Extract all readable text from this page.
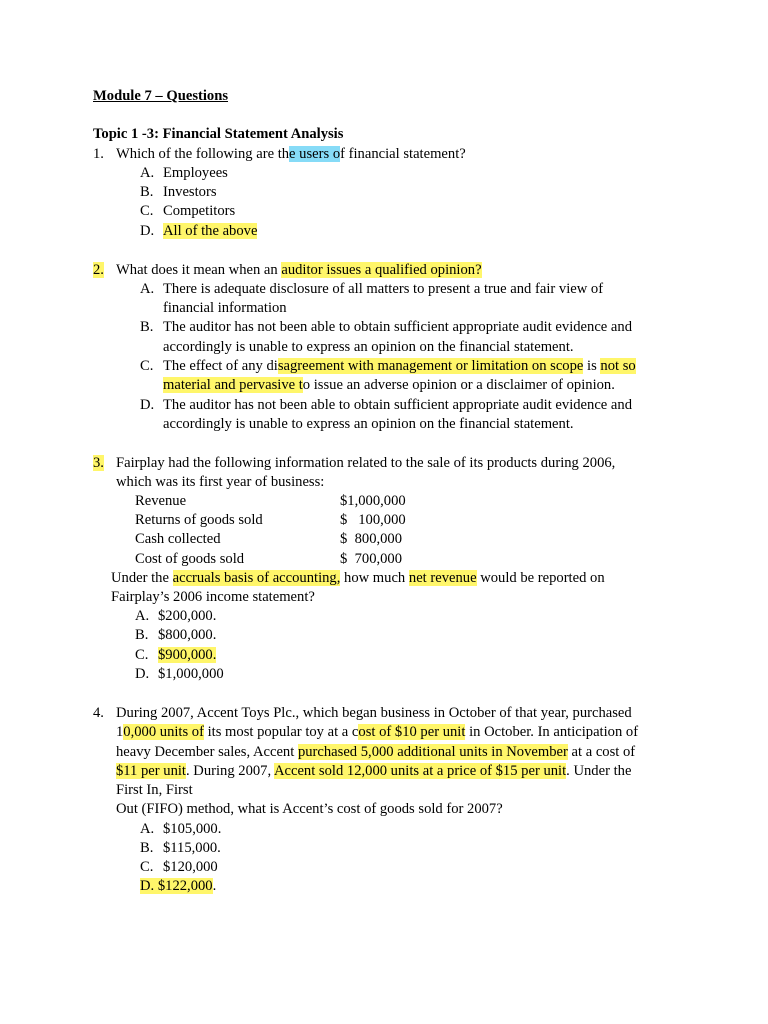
Module 7 – Questions
Topic 1 -3: Financial Statement Analysis
1. Which of the following are the users of financial statement?
A. Employees
B. Investors
C. Competitors
D. All of the above
2. What does it mean when an auditor issues a qualified opinion?
A. There is adequate disclosure of all matters to present a true and fair view of
financial information
B. The auditor has not been able to obtain sufficient appropriate audit evidence and
accordingly is unable to express an opinion on the financial statement.
C. The effect of any disagreement with management or limitation on scope is not so
material and pervasive to issue an adverse opinion or a disclaimer of opinion.
D. The auditor has not been able to obtain sufficient appropriate audit evidence and
accordingly is unable to express an opinion on the financial statement.
3. Fairplay had the following information related to the sale of its products during 2006,
which was its first year of business:
Revenue	$1,000,000
Returns of goods sold	$   100,000
Cash collected	$  800,000
Cost of goods sold	$  700,000
Under the accruals basis of accounting, how much net revenue would be reported on
Fairplay’s 2006 income statement?
A. $200,000.
B. $800,000.
C. $900,000.
D. $1,000,000
4. During 2007, Accent Toys Plc., which began business in October of that year, purchased
10,000 units of its most popular toy at a cost of $10 per unit in October. In anticipation of
heavy December sales, Accent purchased 5,000 additional units in November at a cost of
$11 per unit. During 2007, Accent sold 12,000 units at a price of $15 per unit. Under the
First In, First
Out (FIFO) method, what is Accent’s cost of goods sold for 2007?
A. $105,000.
B. $115,000.
C. $120,000
D. $122,000.
